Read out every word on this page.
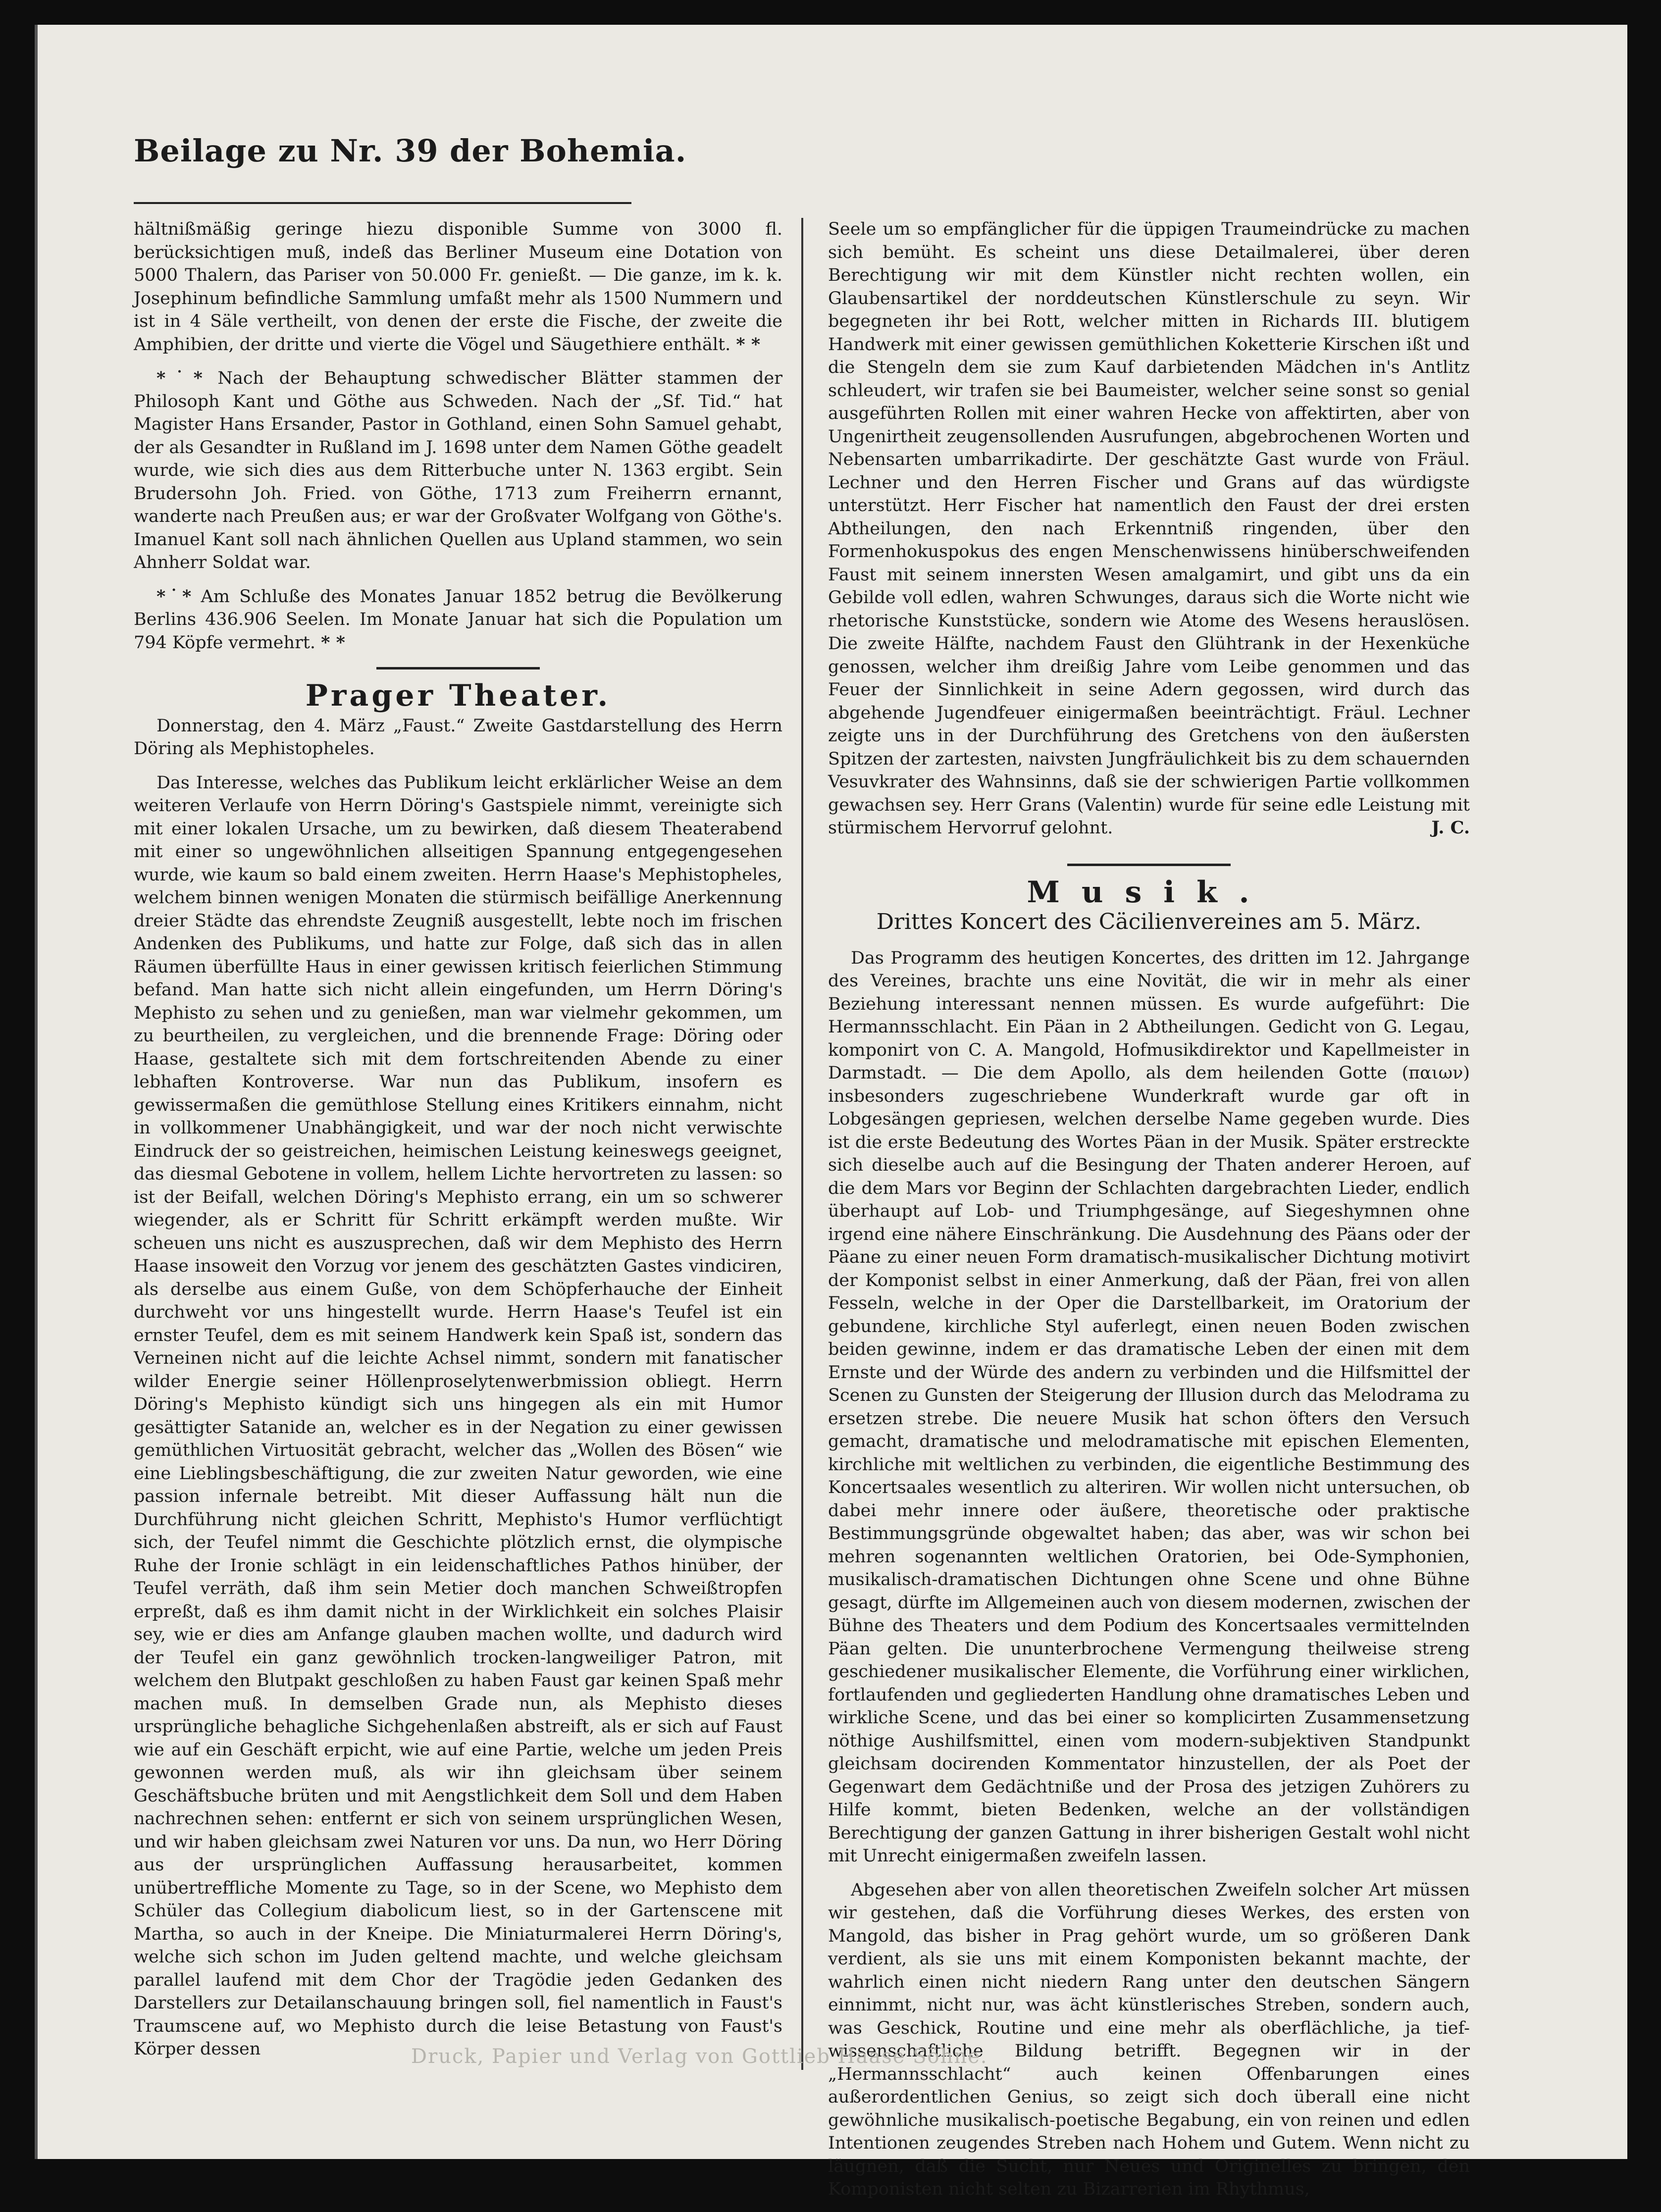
Beilage zu Nr. 39 der Bohemia.

hältnißmäßig geringe hiezu disponible Summe von 3000 fl. berücksichtigen muß, indeß das Berliner Museum eine Dotation von 5000 Thalern, das Pariser von 50.000 Fr. genießt. — Die ganze, im k. k. Josephinum befindliche Sammlung umfaßt mehr als 1500 Nummern und ist in 4 Säle vertheilt, von denen der erste die Fische, der zweite die Amphibien, der dritte und vierte die Vögel und Säugethiere enthält. * *

*˙* Nach der Behauptung schwedischer Blätter stammen der Philosoph Kant und Göthe aus Schweden. Nach der „Sf. Tid.“ hat Magister Hans Ersander, Pastor in Gothland, einen Sohn Samuel gehabt, der als Gesandter in Rußland im J. 1698 unter dem Namen Göthe geadelt wurde, wie sich dies aus dem Ritterbuche unter N. 1363 ergibt. Sein Brudersohn Joh. Fried. von Göthe, 1713 zum Freiherrn ernannt, wanderte nach Preußen aus; er war der Großvater Wolfgang von Göthe's. Imanuel Kant soll nach ähnlichen Quellen aus Upland stammen, wo sein Ahnherr Soldat war.

*˙* Am Schluße des Monates Januar 1852 betrug die Bevölkerung Berlins 436.906 Seelen. Im Monate Januar hat sich die Population um 794 Köpfe vermehrt. * *

Prager Theater.

Donnerstag, den 4. März „Faust.“ Zweite Gastdarstellung des Herrn Döring als Mephistopheles.

Das Interesse, welches das Publikum leicht erklärlicher Weise an dem weiteren Verlaufe von Herrn Döring's Gastspiele nimmt, vereinigte sich mit einer lokalen Ursache, um zu bewirken, daß diesem Theaterabend mit einer so ungewöhnlichen allseitigen Spannung entgegengesehen wurde, wie kaum so bald einem zweiten. Herrn Haase's Mephistopheles, welchem binnen wenigen Monaten die stürmisch beifällige Anerkennung dreier Städte das ehrendste Zeugniß ausgestellt, lebte noch im frischen Andenken des Publikums, und hatte zur Folge, daß sich das in allen Räumen überfüllte Haus in einer gewissen kritisch feierlichen Stimmung befand. Man hatte sich nicht allein eingefunden, um Herrn Döring's Mephisto zu sehen und zu genießen, man war vielmehr gekommen, um zu beurtheilen, zu vergleichen, und die brennende Frage: Döring oder Haase, gestaltete sich mit dem fortschreitenden Abende zu einer lebhaften Kontroverse. War nun das Publikum, insofern es gewissermaßen die gemüthlose Stellung eines Kritikers einnahm, nicht in vollkommener Unabhängigkeit, und war der noch nicht verwischte Eindruck der so geistreichen, heimischen Leistung keineswegs geeignet, das diesmal Gebotene in vollem, hellem Lichte hervortreten zu lassen: so ist der Beifall, welchen Döring's Mephisto errang, ein um so schwerer wiegender, als er Schritt für Schritt erkämpft werden mußte. Wir scheuen uns nicht es auszusprechen, daß wir dem Mephisto des Herrn Haase insoweit den Vorzug vor jenem des geschätzten Gastes vindiciren, als derselbe aus einem Guße, von dem Schöpferhauche der Einheit durchweht vor uns hingestellt wurde. Herrn Haase's Teufel ist ein ernster Teufel, dem es mit seinem Handwerk kein Spaß ist, sondern das Verneinen nicht auf die leichte Achsel nimmt, sondern mit fanatischer wilder Energie seiner Höllenproselytenwerbmission obliegt. Herrn Döring's Mephisto kündigt sich uns hingegen als ein mit Humor gesättigter Satanide an, welcher es in der Negation zu einer gewissen gemüthlichen Virtuosität gebracht, welcher das „Wollen des Bösen“ wie eine Lieblingsbeschäftigung, die zur zweiten Natur geworden, wie eine passion infernale betreibt. Mit dieser Auffassung hält nun die Durchführung nicht gleichen Schritt, Mephisto's Humor verflüchtigt sich, der Teufel nimmt die Geschichte plötzlich ernst, die olympische Ruhe der Ironie schlägt in ein leidenschaftliches Pathos hinüber, der Teufel verräth, daß ihm sein Metier doch manchen Schweißtropfen erpreßt, daß es ihm damit nicht in der Wirklichkeit ein solches Plaisir sey, wie er dies am Anfange glauben machen wollte, und dadurch wird der Teufel ein ganz gewöhnlich trocken-langweiliger Patron, mit welchem den Blutpakt geschloßen zu haben Faust gar keinen Spaß mehr machen muß. In demselben Grade nun, als Mephisto dieses ursprüngliche behagliche Sichgehenlaßen abstreift, als er sich auf Faust wie auf ein Geschäft erpicht, wie auf eine Partie, welche um jeden Preis gewonnen werden muß, als wir ihn gleichsam über seinem Geschäftsbuche brüten und mit Aengstlichkeit dem Soll und dem Haben nachrechnen sehen: entfernt er sich von seinem ursprünglichen Wesen, und wir haben gleichsam zwei Naturen vor uns. Da nun, wo Herr Döring aus der ursprünglichen Auffassung herausarbeitet, kommen unübertreffliche Momente zu Tage, so in der Scene, wo Mephisto dem Schüler das Collegium diabolicum liest, so in der Gartenscene mit Martha, so auch in der Kneipe. Die Miniaturmalerei Herrn Döring's, welche sich schon im Juden geltend machte, und welche gleichsam parallel laufend mit dem Chor der Tragödie jeden Gedanken des Darstellers zur Detailanschauung bringen soll, fiel namentlich in Faust's Traumscene auf, wo Mephisto durch die leise Betastung von Faust's Körper dessen

Seele um so empfänglicher für die üppigen Traumeindrücke zu machen sich bemüht. Es scheint uns diese Detailmalerei, über deren Berechtigung wir mit dem Künstler nicht rechten wollen, ein Glaubensartikel der norddeutschen Künstlerschule zu seyn. Wir begegneten ihr bei Rott, welcher mitten in Richards III. blutigem Handwerk mit einer gewissen gemüthlichen Koketterie Kirschen ißt und die Stengeln dem sie zum Kauf darbietenden Mädchen in's Antlitz schleudert, wir trafen sie bei Baumeister, welcher seine sonst so genial ausgeführten Rollen mit einer wahren Hecke von affektirten, aber von Ungenirtheit zeugensollenden Ausrufungen, abgebrochenen Worten und Nebensarten umbarrikadirte. Der geschätzte Gast wurde von Fräul. Lechner und den Herren Fischer und Grans auf das würdigste unterstützt. Herr Fischer hat namentlich den Faust der drei ersten Abtheilungen, den nach Erkenntniß ringenden, über den Formenhokuspokus des engen Menschenwissens hinüberschweifenden Faust mit seinem innersten Wesen amalgamirt, und gibt uns da ein Gebilde voll edlen, wahren Schwunges, daraus sich die Worte nicht wie rhetorische Kunststücke, sondern wie Atome des Wesens herauslösen. Die zweite Hälfte, nachdem Faust den Glühtrank in der Hexenküche genossen, welcher ihm dreißig Jahre vom Leibe genommen und das Feuer der Sinnlichkeit in seine Adern gegossen, wird durch das abgehende Jugendfeuer einigermaßen beeinträchtigt. Fräul. Lechner zeigte uns in der Durchführung des Gretchens von den äußersten Spitzen der zartesten, naivsten Jungfräulichkeit bis zu dem schauernden Vesuvkrater des Wahnsinns, daß sie der schwierigen Partie vollkommen gewachsen sey. Herr Grans (Valentin) wurde für seine edle Leistung mit stürmischem Hervorruf gelohnt.	J. C.

Musik.
Drittes Koncert des Cäcilienvereines am 5. März.

Das Programm des heutigen Koncertes, des dritten im 12. Jahrgange des Vereines, brachte uns eine Novität, die wir in mehr als einer Beziehung interessant nennen müssen. Es wurde aufgeführt: Die Hermannsschlacht. Ein Päan in 2 Abtheilungen. Gedicht von G. Legau, komponirt von C. A. Mangold, Hofmusikdirektor und Kapellmeister in Darmstadt. — Die dem Apollo, als dem heilenden Gotte (παιων) insbesonders zugeschriebene Wunderkraft wurde gar oft in Lobgesängen gepriesen, welchen derselbe Name gegeben wurde. Dies ist die erste Bedeutung des Wortes Päan in der Musik. Später erstreckte sich dieselbe auch auf die Besingung der Thaten anderer Heroen, auf die dem Mars vor Beginn der Schlachten dargebrachten Lieder, endlich überhaupt auf Lob- und Triumphgesänge, auf Siegeshymnen ohne irgend eine nähere Einschränkung. Die Ausdehnung des Päans oder der Päane zu einer neuen Form dramatisch-musikalischer Dichtung motivirt der Komponist selbst in einer Anmerkung, daß der Päan, frei von allen Fesseln, welche in der Oper die Darstellbarkeit, im Oratorium der gebundene, kirchliche Styl auferlegt, einen neuen Boden zwischen beiden gewinne, indem er das dramatische Leben der einen mit dem Ernste und der Würde des andern zu verbinden und die Hilfsmittel der Scenen zu Gunsten der Steigerung der Illusion durch das Melodrama zu ersetzen strebe. Die neuere Musik hat schon öfters den Versuch gemacht, dramatische und melodramatische mit epischen Elementen, kirchliche mit weltlichen zu verbinden, die eigentliche Bestimmung des Koncertsaales wesentlich zu alteriren. Wir wollen nicht untersuchen, ob dabei mehr innere oder äußere, theoretische oder praktische Bestimmungsgründe obgewaltet haben; das aber, was wir schon bei mehren sogenannten weltlichen Oratorien, bei Ode-Symphonien, musikalisch-dramatischen Dichtungen ohne Scene und ohne Bühne gesagt, dürfte im Allgemeinen auch von diesem modernen, zwischen der Bühne des Theaters und dem Podium des Koncertsaales vermittelnden Päan gelten. Die ununterbrochene Vermengung theilweise streng geschiedener musikalischer Elemente, die Vorführung einer wirklichen, fortlaufenden und gegliederten Handlung ohne dramatisches Leben und wirkliche Scene, und das bei einer so komplicirten Zusammensetzung nöthige Aushilfsmittel, einen vom modern-subjektiven Standpunkt gleichsam docirenden Kommentator hinzustellen, der als Poet der Gegenwart dem Gedächtniße und der Prosa des jetzigen Zuhörers zu Hilfe kommt, bieten Bedenken, welche an der vollständigen Berechtigung der ganzen Gattung in ihrer bisherigen Gestalt wohl nicht mit Unrecht einigermaßen zweifeln lassen.

Abgesehen aber von allen theoretischen Zweifeln solcher Art müssen wir gestehen, daß die Vorführung dieses Werkes, des ersten von Mangold, das bisher in Prag gehört wurde, um so größeren Dank verdient, als sie uns mit einem Komponisten bekannt machte, der wahrlich einen nicht niedern Rang unter den deutschen Sängern einnimmt, nicht nur, was ächt künstlerisches Streben, sondern auch, was Geschick, Routine und eine mehr als oberflächliche, ja tief-wissenschaftliche Bildung betrifft. Begegnen wir in der „Hermannsschlacht“ auch keinen Offenbarungen eines außerordentlichen Genius, so zeigt sich doch überall eine nicht gewöhnliche musikalisch-poetische Begabung, ein von reinen und edlen Intentionen zeugendes Streben nach Hohem und Gutem. Wenn nicht zu läugnen, daß die Sucht, nur Neues und Originelles zu bringen, den Komponisten nicht selten zu Bizarrerien im Rhythmus,

Druck, Papier und Verlag von Gottlieb Haase Söhne.
